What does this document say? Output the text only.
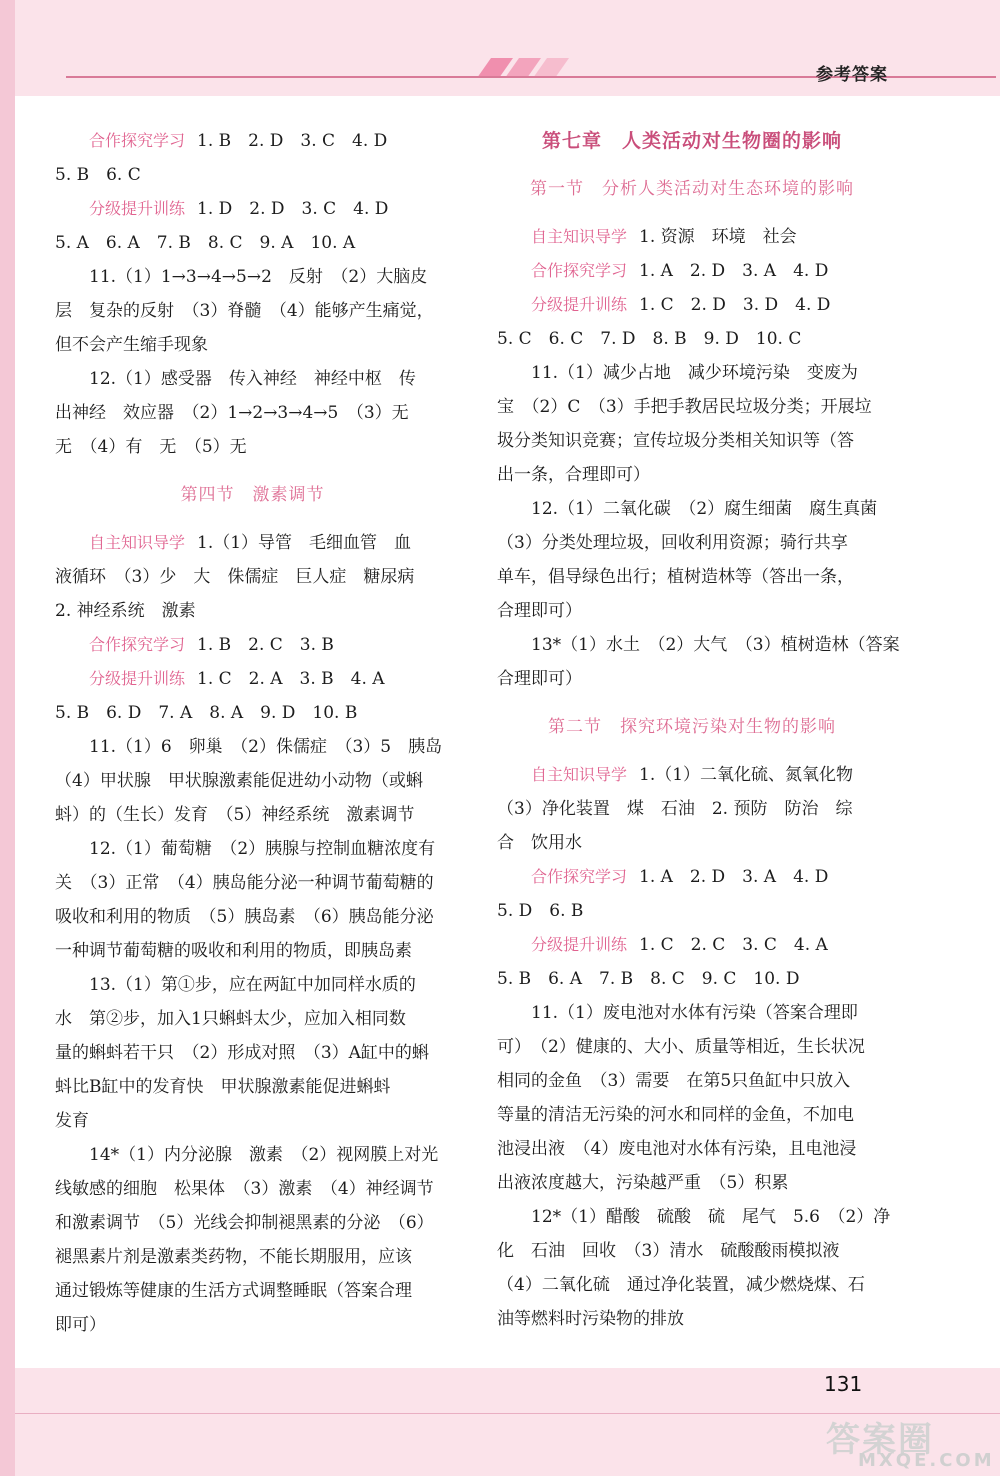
参考答案
131
答案圈
MXQE.COM
合作探究学习 1. B　2. D　3. C　4. D
5. B　6. C
分级提升训练 1. D　2. D　3. C　4. D
5. A　6. A　7. B　8. C　9. A　10. A
11.（1）1→3→4→5→2　反射　（2）大脑皮
层　复杂的反射　（3）脊髓　（4）能够产生痛觉，
但不会产生缩手现象
12.（1）感受器　传入神经　神经中枢　传
出神经　效应器　（2）1→2→3→4→5　（3）无
无　（4）有　无　（5）无
第四节　激素调节
自主知识导学 1.（1）导管　毛细血管　血
液循环　（3）少　大　侏儒症　巨人症　糖尿病
2. 神经系统　激素
合作探究学习 1. B　2. C　3. B
分级提升训练 1. C　2. A　3. B　4. A
5. B　6. D　7. A　8. A　9. D　10. B
11.（1）6　卵巢　（2）侏儒症　（3）5　胰岛
（4）甲状腺　甲状腺激素能促进幼小动物（或蝌
蚪）的（生长）发育　（5）神经系统　激素调节
12.（1）葡萄糖　（2）胰腺与控制血糖浓度有
关　（3）正常　（4）胰岛能分泌一种调节葡萄糖的
吸收和利用的物质　（5）胰岛素　（6）胰岛能分泌
一种调节葡萄糖的吸收和利用的物质，即胰岛素
13.（1）第①步，应在两缸中加同样水质的
水　第②步，加入1只蝌蚪太少，应加入相同数
量的蝌蚪若干只　（2）形成对照　（3）A缸中的蝌
蚪比B缸中的发育快　甲状腺激素能促进蝌蚪
发育
14*（1）内分泌腺　激素　（2）视网膜上对光
线敏感的细胞　松果体　（3）激素　（4）神经调节
和激素调节　（5）光线会抑制褪黑素的分泌　（6）
褪黑素片剂是激素类药物，不能长期服用，应该
通过锻炼等健康的生活方式调整睡眠（答案合理
即可）
第七章　人类活动对生物圈的影响
第一节　分析人类活动对生态环境的影响
自主知识导学 1. 资源　环境　社会
合作探究学习 1. A　2. D　3. A　4. D
分级提升训练 1. C　2. D　3. D　4. D
5. C　6. C　7. D　8. B　9. D　10. C
11.（1）减少占地　减少环境污染　变废为
宝　（2）C　（3）手把手教居民垃圾分类；开展垃
圾分类知识竞赛；宣传垃圾分类相关知识等（答
出一条，合理即可）
12.（1）二氧化碳　（2）腐生细菌　腐生真菌
（3）分类处理垃圾，回收利用资源；骑行共享
单车，倡导绿色出行；植树造林等（答出一条，
合理即可）
13*（1）水土　（2）大气　（3）植树造林（答案
合理即可）
第二节　探究环境污染对生物的影响
自主知识导学 1.（1）二氧化硫、氮氧化物
（3）净化装置　煤　石油　2. 预防　防治　综
合　饮用水
合作探究学习 1. A　2. D　3. A　4. D
5. D　6. B
分级提升训练 1. C　2. C　3. C　4. A
5. B　6. A　7. B　8. C　9. C　10. D
11.（1）废电池对水体有污染（答案合理即
可）　（2）健康的、大小、质量等相近，生长状况
相同的金鱼　（3）需要　在第5只鱼缸中只放入
等量的清洁无污染的河水和同样的金鱼，不加电
池浸出液　（4）废电池对水体有污染，且电池浸
出液浓度越大，污染越严重　（5）积累
12*（1）醋酸　硫酸　硫　尾气　5.6　（2）净
化　石油　回收　（3）清水　硫酸酸雨模拟液
（4）二氧化硫　通过净化装置，减少燃烧煤、石
油等燃料时污染物的排放
